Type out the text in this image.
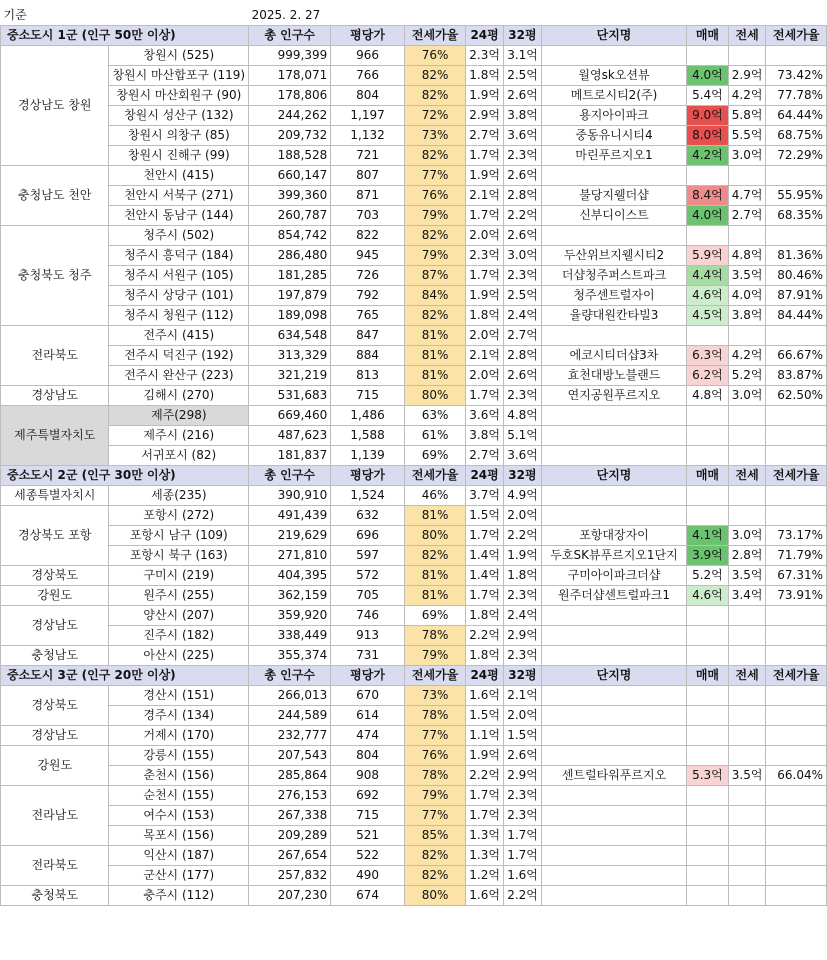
기준		2025. 2. 27								
중소도시 1군 (인구 50만 이상)		총 인구수	평당가	전세가율	24평	32평	단지명	매매	전세	전세가율
경상남도 창원	창원시 (525)	999,399	966	76%	2.3억	3.1억				
	창원시 마산합포구 (119)	178,071	766	82%	1.8억	2.5억	월영sk오션뷰	4.0억	2.9억	73.42%
	창원시 마산회원구 (90)	178,806	804	82%	1.9억	2.6억	메트로시티2(주)	5.4억	4.2억	77.78%
	창원시 성산구 (132)	244,262	1,197	72%	2.9억	3.8억	용지아이파크	9.0억	5.8억	64.44%
	창원시 의창구 (85)	209,732	1,132	73%	2.7억	3.6억	중동유니시티4	8.0억	5.5억	68.75%
	창원시 진해구 (99)	188,528	721	82%	1.7억	2.3억	마린푸르지오1	4.2억	3.0억	72.29%
충청남도 천안	천안시 (415)	660,147	807	77%	1.9억	2.6억				
	천안시 서북구 (271)	399,360	871	76%	2.1억	2.8억	불당지웰더샵	8.4억	4.7억	55.95%
	천안시 동남구 (144)	260,787	703	79%	1.7억	2.2억	신부디이스트	4.0억	2.7억	68.35%
충청북도 청주	청주시 (502)	854,742	822	82%	2.0억	2.6억				
	청주시 흥덕구 (184)	286,480	945	79%	2.3억	3.0억	두산위브지웰시티2	5.9억	4.8억	81.36%
	청주시 서원구 (105)	181,285	726	87%	1.7억	2.3억	더샵청주퍼스트파크	4.4억	3.5억	80.46%
	청주시 상당구 (101)	197,879	792	84%	1.9억	2.5억	청주센트럴자이	4.6억	4.0억	87.91%
	청주시 청원구 (112)	189,098	765	82%	1.8억	2.4억	율량대원칸타빌3	4.5억	3.8억	84.44%
전라북도	전주시 (415)	634,548	847	81%	2.0억	2.7억				
	전주시 덕진구 (192)	313,329	884	81%	2.1억	2.8억	에코시티더샵3차	6.3억	4.2억	66.67%
	전주시 완산구 (223)	321,219	813	81%	2.0억	2.6억	효천대방노블랜드	6.2억	5.2억	83.87%
경상남도	김해시 (270)	531,683	715	80%	1.7억	2.3억	연지공원푸르지오	4.8억	3.0억	62.50%
제주특별자치도	제주(298)	669,460	1,486	63%	3.6억	4.8억				
	제주시 (216)	487,623	1,588	61%	3.8억	5.1억				
	서귀포시 (82)	181,837	1,139	69%	2.7억	3.6억				
중소도시 2군 (인구 30만 이상)		총 인구수	평당가	전세가율	24평	32평	단지명	매매	전세	전세가율
세종특별자치시	세종(235)	390,910	1,524	46%	3.7억	4.9억				
경상북도 포항	포항시 (272)	491,439	632	81%	1.5억	2.0억				
	포항시 남구 (109)	219,629	696	80%	1.7억	2.2억	포항대장자이	4.1억	3.0억	73.17%
	포항시 북구 (163)	271,810	597	82%	1.4억	1.9억	두호SK뷰푸르지오1단지	3.9억	2.8억	71.79%
경상북도	구미시 (219)	404,395	572	81%	1.4억	1.8억	구미아이파크더샵	5.2억	3.5억	67.31%
강원도	원주시 (255)	362,159	705	81%	1.7억	2.3억	원주더샵센트럴파크1	4.6억	3.4억	73.91%
경상남도	양산시 (207)	359,920	746	69%	1.8억	2.4억				
	진주시 (182)	338,449	913	78%	2.2억	2.9억				
충청남도	아산시 (225)	355,374	731	79%	1.8억	2.3억				
중소도시 3군 (인구 20만 이상)		총 인구수	평당가	전세가율	24평	32평	단지명	매매	전세	전세가율
경상북도	경산시 (151)	266,013	670	73%	1.6억	2.1억				
	경주시 (134)	244,589	614	78%	1.5억	2.0억				
경상남도	거제시 (170)	232,777	474	77%	1.1억	1.5억				
강원도	강릉시 (155)	207,543	804	76%	1.9억	2.6억				
	춘천시 (156)	285,864	908	78%	2.2억	2.9억	센트럴타워푸르지오	5.3억	3.5억	66.04%
전라남도	순천시 (155)	276,153	692	79%	1.7억	2.3억				
	여수시 (153)	267,338	715	77%	1.7억	2.3억				
	목포시 (156)	209,289	521	85%	1.3억	1.7억				
전라북도	익산시 (187)	267,654	522	82%	1.3억	1.7억				
	군산시 (177)	257,832	490	82%	1.2억	1.6억				
충청북도	충주시 (112)	207,230	674	80%	1.6억	2.2억				
